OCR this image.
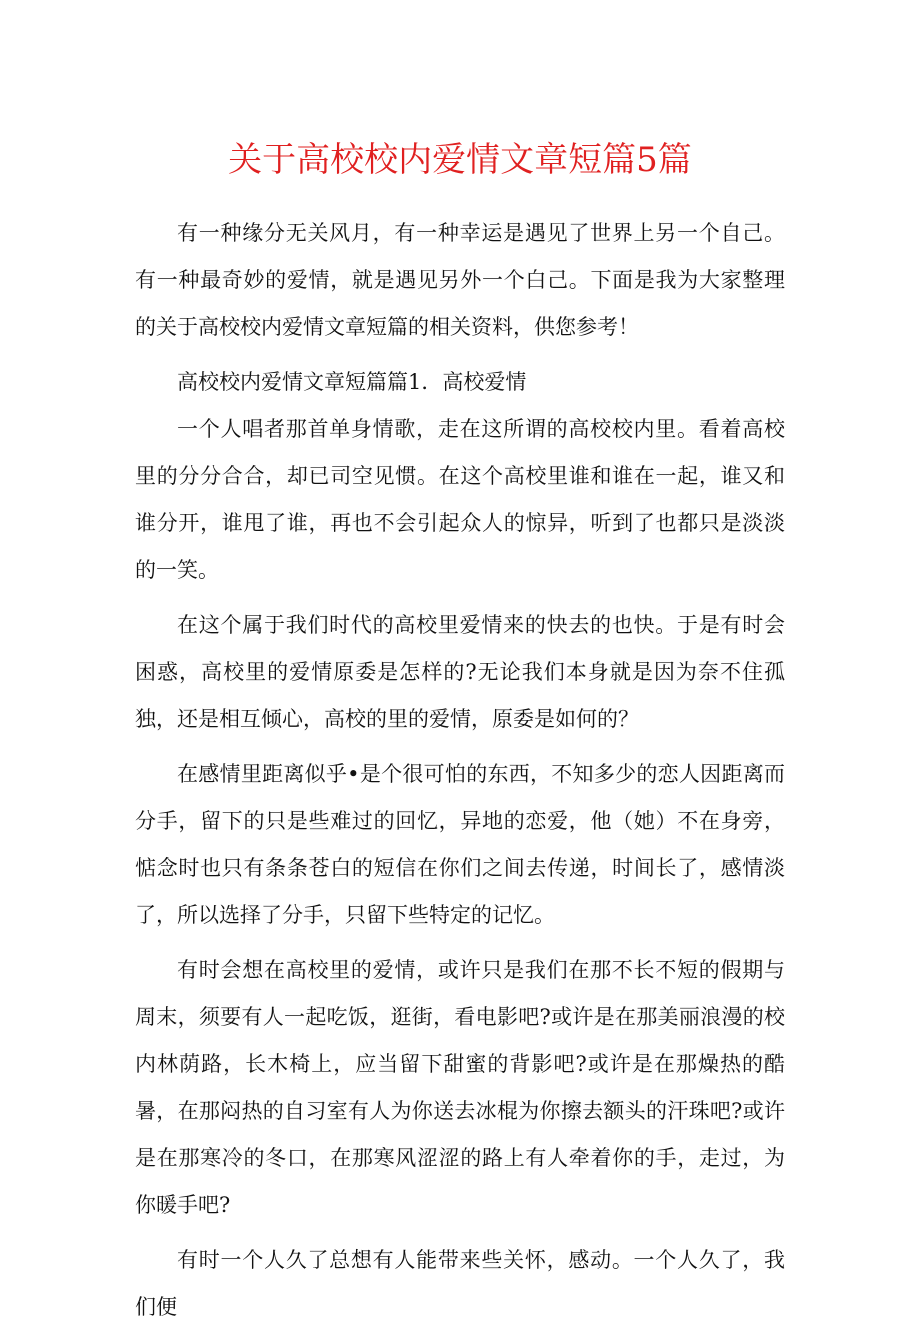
关于高校校内爱情文章短篇5篇

有一种缘分无关风月，有一种幸运是遇见了世界上另一个自己。有一种最奇妙的爱情，就是遇见另外一个白己。下面是我为大家整理的关于高校校内爱情文章短篇的相关资料，供您参考！

高校校内爱情文章短篇篇1．高校爱情

一个人唱者那首单身情歌，走在这所谓的高校校内里。看着高校里的分分合合，却已司空见惯。在这个高校里谁和谁在一起，谁又和谁分开，谁甩了谁，再也不会引起众人的惊异，听到了也都只是淡淡的一笑。

在这个属于我们时代的高校里爱情来的快去的也快。于是有时会困惑，高校里的爱情原委是怎样的?无论我们本身就是因为奈不住孤独，还是相互倾心，高校的里的爱情，原委是如何的？

在感情里距离似乎•是个很可怕的东西，不知多少的恋人因距离而分手，留下的只是些难过的回忆，异地的恋爱，他（她）不在身旁，惦念时也只有条条苍白的短信在你们之间去传递，时间长了，感情淡了，所以选择了分手，只留下些特定的记忆。

有时会想在高校里的爱情，或许只是我们在那不长不短的假期与周末，须要有人一起吃饭，逛街，看电影吧?或许是在那美丽浪漫的校内林荫路，长木椅上，应当留下甜蜜的背影吧?或许是在那燥热的酷暑，在那闷热的自习室有人为你送去冰棍为你擦去额头的汗珠吧?或许是在那寒冷的冬口，在那寒风涩涩的路上有人牵着你的手，走过，为你暖手吧?

有时一个人久了总想有人能带来些关怀，感动。一个人久了，我们便
